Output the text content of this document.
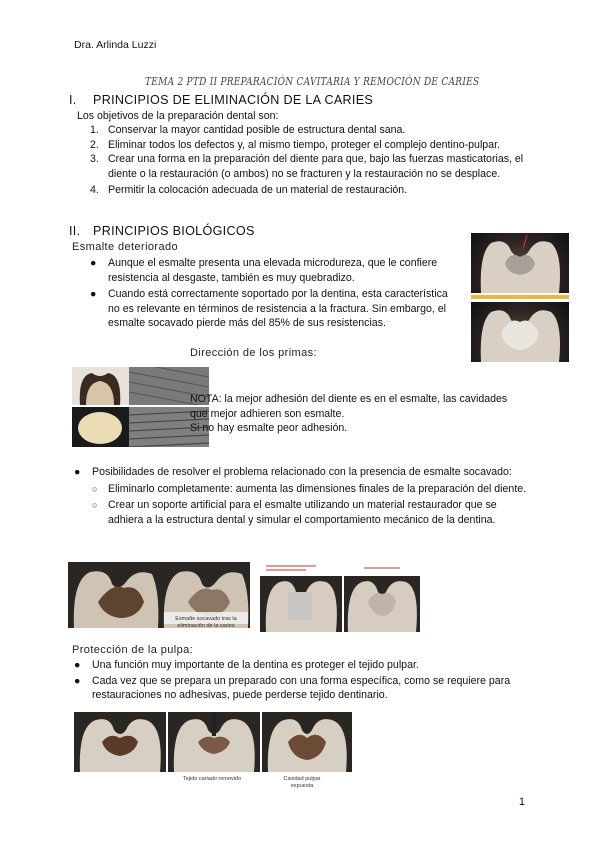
Dra. Arlinda Luzzi
TEMA 2 PTD II PREPARACIÓN CAVITARIA Y REMOCIÓN DE CARIES
I. PRINCIPIOS DE ELIMINACIÓN DE LA CARIES
Los objetivos de la preparación dental son:
1. Conservar la mayor cantidad posible de estructura dental sana.
2. Eliminar todos los defectos y, al mismo tiempo, proteger el complejo dentino-pulpar.
3. Crear una forma en la preparación del diente para que, bajo las fuerzas masticatorias, el diente o la restauración (o ambos) no se fracturen y la restauración no se desplace.
4. Permitir la colocación adecuada de un material de restauración.
II. PRINCIPIOS BIOLÓGICOS
Esmalte deteriorado
● Aunque el esmalte presenta una elevada microdureza, que le confiere resistencia al desgaste, también es muy quebradizo.
● Cuando está correctamente soportado por la dentina, esta característica no es relevante en términos de resistencia a la fractura. Sin embargo, el esmalte socavado pierde más del 85% de sus resistencias.
Dirección de los primas:
NOTA: la mejor adhesión del diente es en el esmalte, las cavidades
que mejor adhieren son esmalte.
Si no hay esmalte peor adhesión.
● Posibilidades de resolver el problema relacionado con la presencia de esmalte socavado:
○ Eliminarlo completamente: aumenta las dimensiones finales de la preparación del diente.
○ Crear un soporte artificial para el esmalte utilizando un material restaurador que se adhiera a la estructura dental y simular el comportamiento mecánico de la dentina.
Esmalte socavado tras la eliminación de la caries
Protección de la pulpa:
● Una función muy importante de la dentina es proteger el tejido pulpar.
● Cada vez que se prepara un preparado con una forma específica, como se requiere para restauraciones no adhesivas, puede perderse tejido dentinario.
Tejido cariado removido	Cavidad pulpar expuesta
1
